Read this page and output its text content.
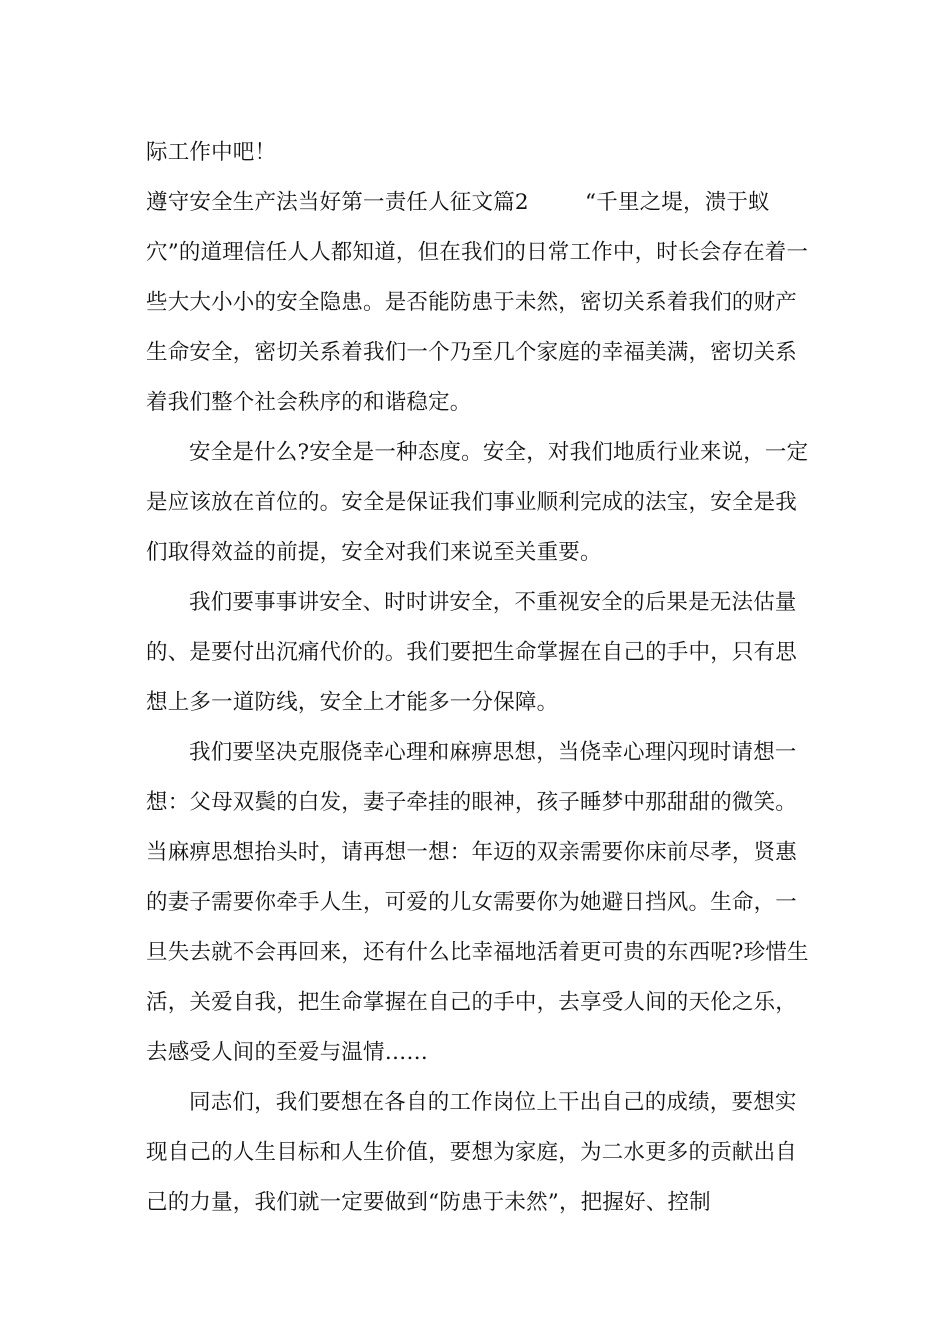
际工作中吧！
遵守安全生产法当好第一责任人征文篇2        “千里之堤，溃于蚁穴”的道理信任人人都知道，但在我们的日常工作中，时长会存在着一些大大小小的安全隐患。是否能防患于未然，密切关系着我们的财产生命安全，密切关系着我们一个乃至几个家庭的幸福美满，密切关系着我们整个社会秩序的和谐稳定。
安全是什么?安全是一种态度。安全，对我们地质行业来说，一定是应该放在首位的。安全是保证我们事业顺利完成的法宝，安全是我们取得效益的前提，安全对我们来说至关重要。
我们要事事讲安全、时时讲安全，不重视安全的后果是无法估量的、是要付出沉痛代价的。我们要把生命掌握在自己的手中，只有思想上多一道防线，安全上才能多一分保障。
我们要坚决克服侥幸心理和麻痹思想，当侥幸心理闪现时请想一想：父母双鬓的白发，妻子牵挂的眼神，孩子睡梦中那甜甜的微笑。当麻痹思想抬头时，请再想一想：年迈的双亲需要你床前尽孝，贤惠的妻子需要你牵手人生，可爱的儿女需要你为她避日挡风。生命，一旦失去就不会再回来，还有什么比幸福地活着更可贵的东西呢?珍惜生活，关爱自我，把生命掌握在自己的手中，去享受人间的天伦之乐，去感受人间的至爱与温情……
同志们，我们要想在各自的工作岗位上干出自己的成绩，要想实现自己的人生目标和人生价值，要想为家庭，为二水更多的贡献出自己的力量，我们就一定要做到“防患于未然”，把握好、控制
